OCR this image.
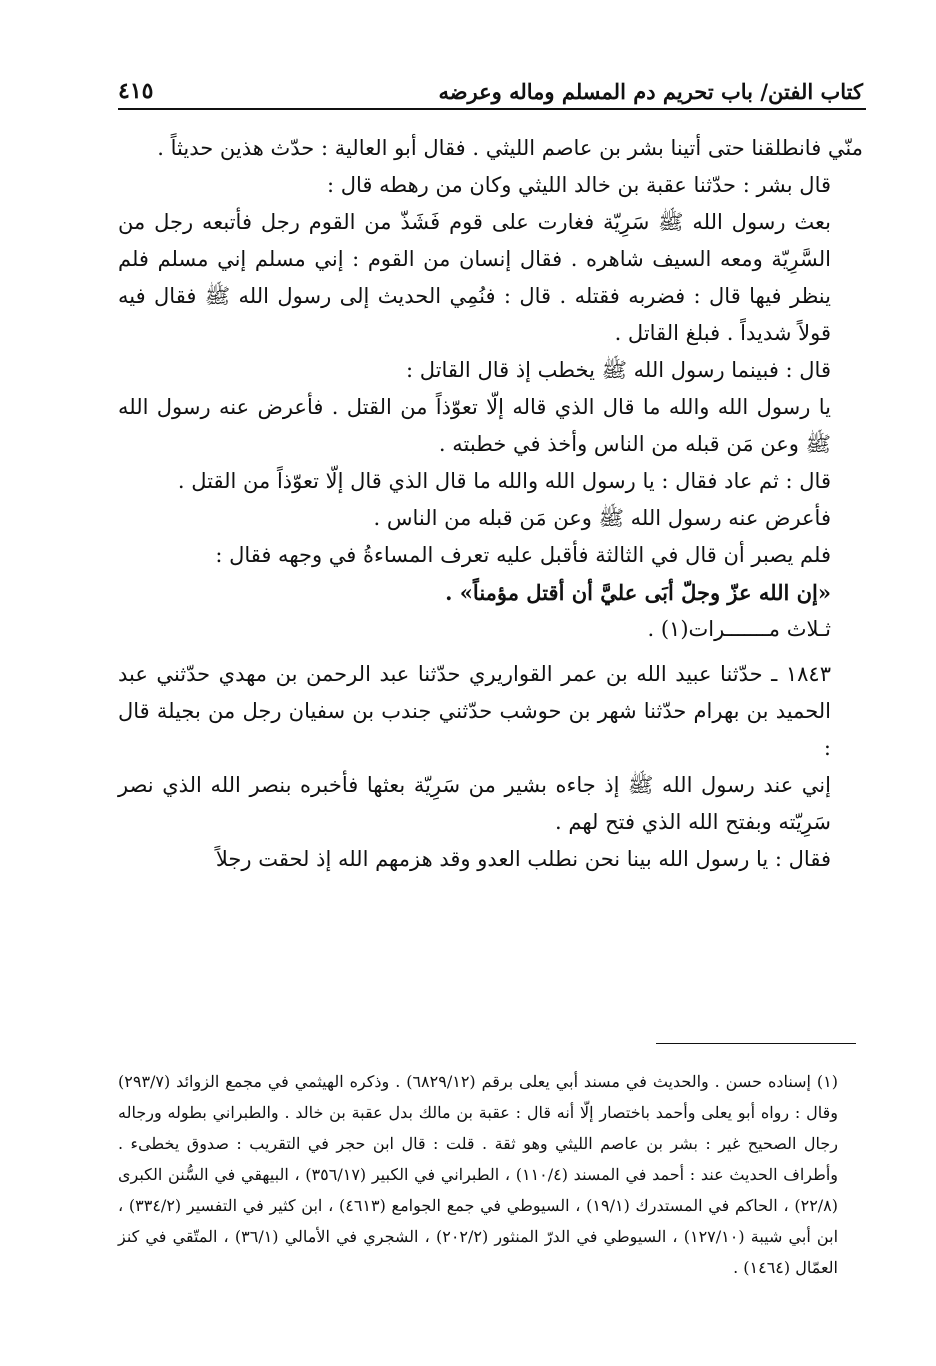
كتاب الفتن/ باب تحريم دم المسلم وماله وعرضه
٤١٥

منّي فانطلقنا حتى أتينا بشر بن عاصم الليثي . فقال أبو العالية : حدّث هذين حديثاً .

قال بشر : حدّثنا عقبة بن خالد الليثي وكان من رهطه قال :

بعث رسول الله ﷺ سَرِيّة فغارت على قوم فَشَذّ من القوم رجل فأتبعه رجل من السَّرِيّة ومعه السيف شاهره . فقال إنسان من القوم : إني مسلم إني مسلم فلم ينظر فيها قال : فضربه فقتله . قال : فنُمِي الحديث إلى رسول الله ﷺ فقال فيه قولاً شديداً . فبلغ القاتل .

قال : فبينما رسول الله ﷺ يخطب إذ قال القاتل :

يا رسول الله والله ما قال الذي قاله إلّا تعوّذاً من القتل . فأعرض عنه رسول الله ﷺ وعن مَن قبله من الناس وأخذ في خطبته .

قال : ثم عاد فقال : يا رسول الله والله ما قال الذي قال إلّا تعوّذاً من القتل .

فأعرض عنه رسول الله ﷺ وعن مَن قبله من الناس .

فلم يصبر أن قال في الثالثة فأقبل عليه تعرف المساءةُ في وجهه فقال :

«إن الله عزّ وجلّ أبَى عليَّ أن أقتل مؤمناً» .

ثـلاث مـــــــرات(١) .

١٨٤٣ ـ حدّثنا عبيد الله بن عمر القواريري حدّثنا عبد الرحمن بن مهدي حدّثني عبد الحميد بن بهرام حدّثنا شهر بن حوشب حدّثني جندب بن سفيان رجل من بجيلة قال :

إني عند رسول الله ﷺ إذ جاءه بشير من سَرِيّة بعثها فأخبره بنصر الله الذي نصر سَرِيّته وبفتح الله الذي فتح لهم .

فقال : يا رسول الله بينا نحن نطلب العدو وقد هزمهم الله إذ لحقت رجلاً

(١) إسناده حسن . والحديث في مسند أبي يعلى برقم (٦٨٢٩/١٢) . وذكره الهيثمي في مجمع الزوائد (٢٩٣/٧) وقال : رواه أبو يعلى وأحمد باختصار إلّا أنه قال : عقبة بن مالك بدل عقبة بن خالد . والطبراني بطوله ورجاله رجال الصحيح غير : بشر بن عاصم الليثي وهو ثقة . قلت : قال ابن حجر في التقريب : صدوق يخطىء . وأطراف الحديث عند : أحمد في المسند (١١٠/٤) ، الطبراني في الكبير (٣٥٦/١٧) ، البيهقي في السُّنن الكبرى (٢٢/٨) ، الحاكم في المستدرك (١٩/١) ، السيوطي في جمع الجوامع (٤٦١٣) ، ابن كثير في التفسير (٣٣٤/٢) ، ابن أبي شيبة (١٢٧/١٠) ، السيوطي في الدرّ المنثور (٢٠٢/٢) ، الشجري في الأمالي (٣٦/١) ، المتّقي في كنز العمّال (١٤٦٤) .
